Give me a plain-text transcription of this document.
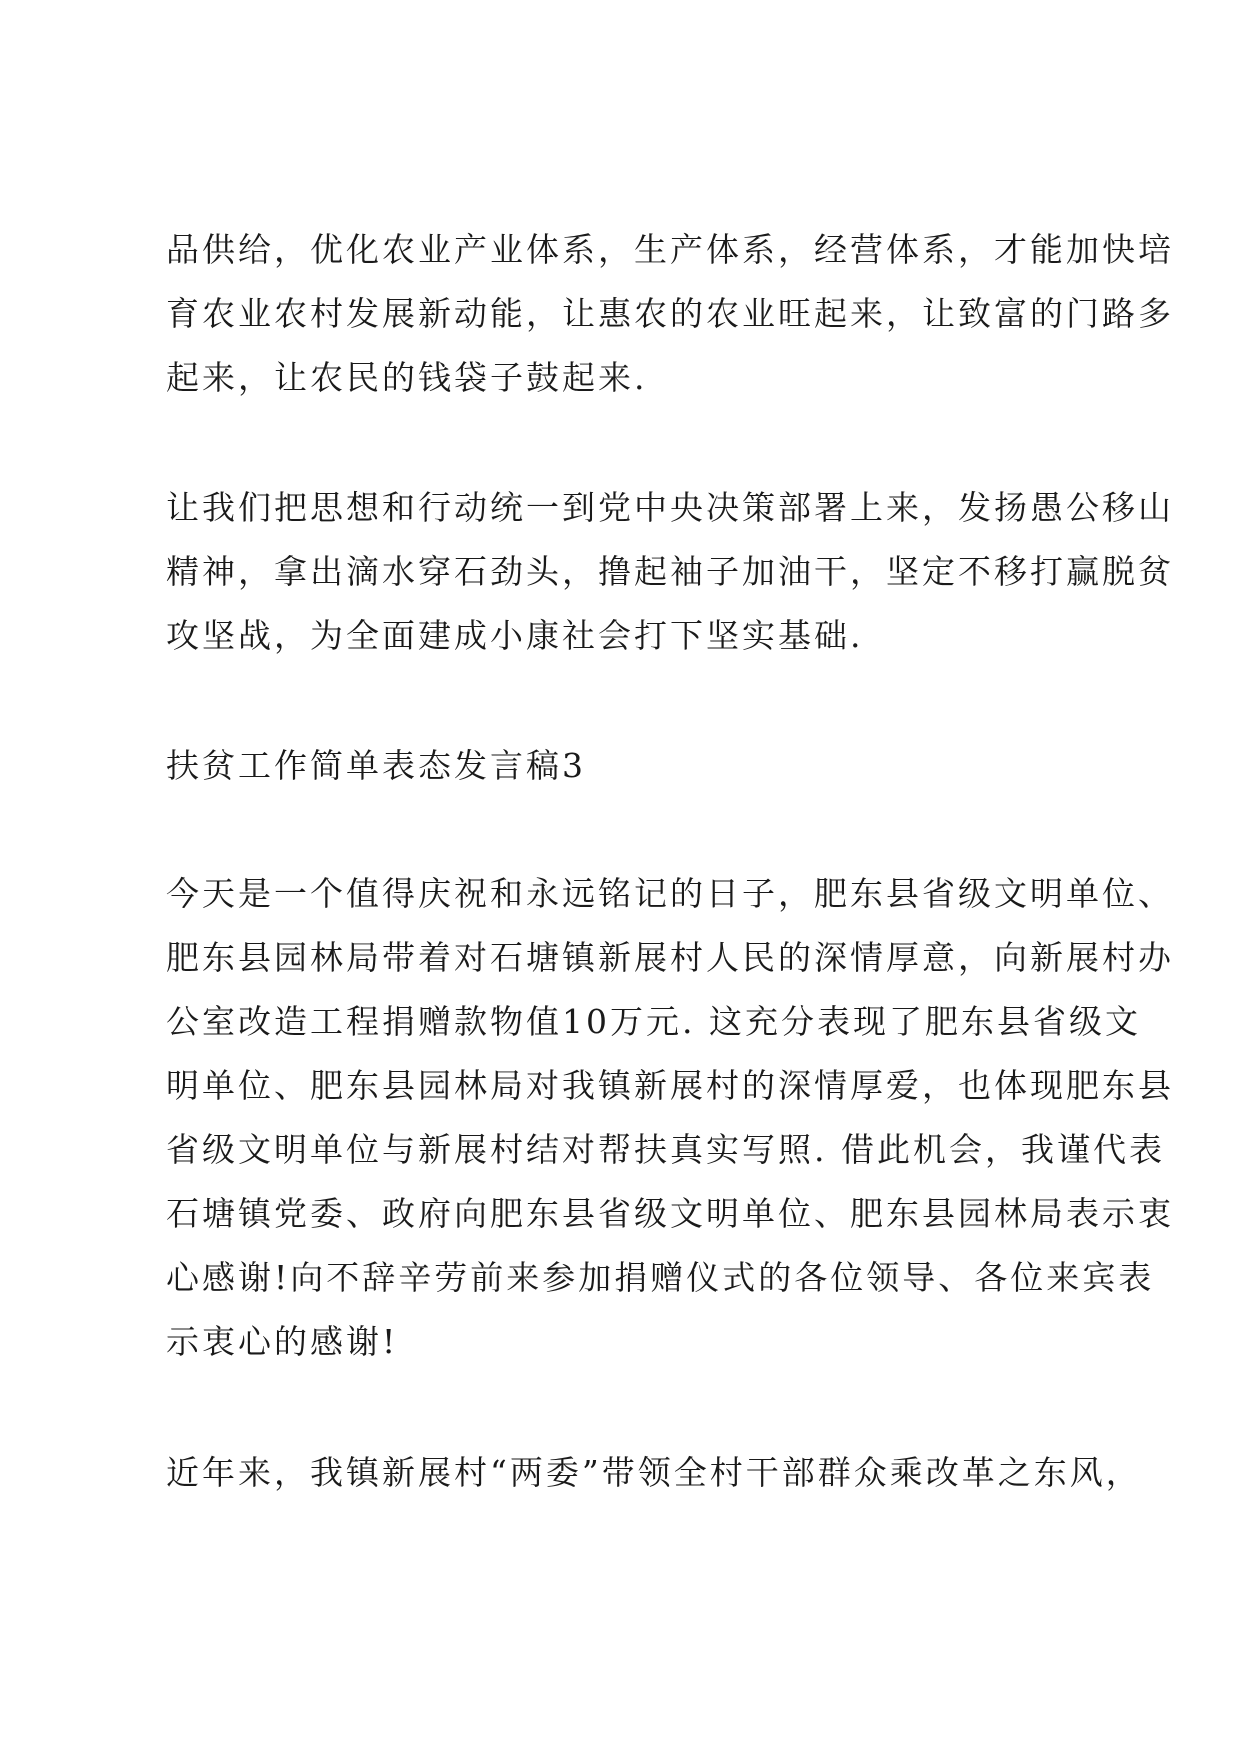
品供给，优化农业产业体系，生产体系，经营体系，才能加快培
育农业农村发展新动能，让惠农的农业旺起来，让致富的门路多
起来，让农民的钱袋子鼓起来.
让我们把思想和行动统一到党中央决策部署上来，发扬愚公移山
精神，拿出滴水穿石劲头，撸起袖子加油干，坚定不移打赢脱贫
攻坚战，为全面建成小康社会打下坚实基础.
扶贫工作简单表态发言稿3
今天是一个值得庆祝和永远铭记的日子，肥东县省级文明单位、
肥东县园林局带着对石塘镇新展村人民的深情厚意，向新展村办
公室改造工程捐赠款物值10万元. 这充分表现了肥东县省级文
明单位、肥东县园林局对我镇新展村的深情厚爱，也体现肥东县
省级文明单位与新展村结对帮扶真实写照. 借此机会，我谨代表
石塘镇党委、政府向肥东县省级文明单位、肥东县园林局表示衷
心感谢!向不辞辛劳前来参加捐赠仪式的各位领导、各位来宾表
示衷心的感谢!
近年来，我镇新展村“两委”带领全村干部群众乘改革之东风，
